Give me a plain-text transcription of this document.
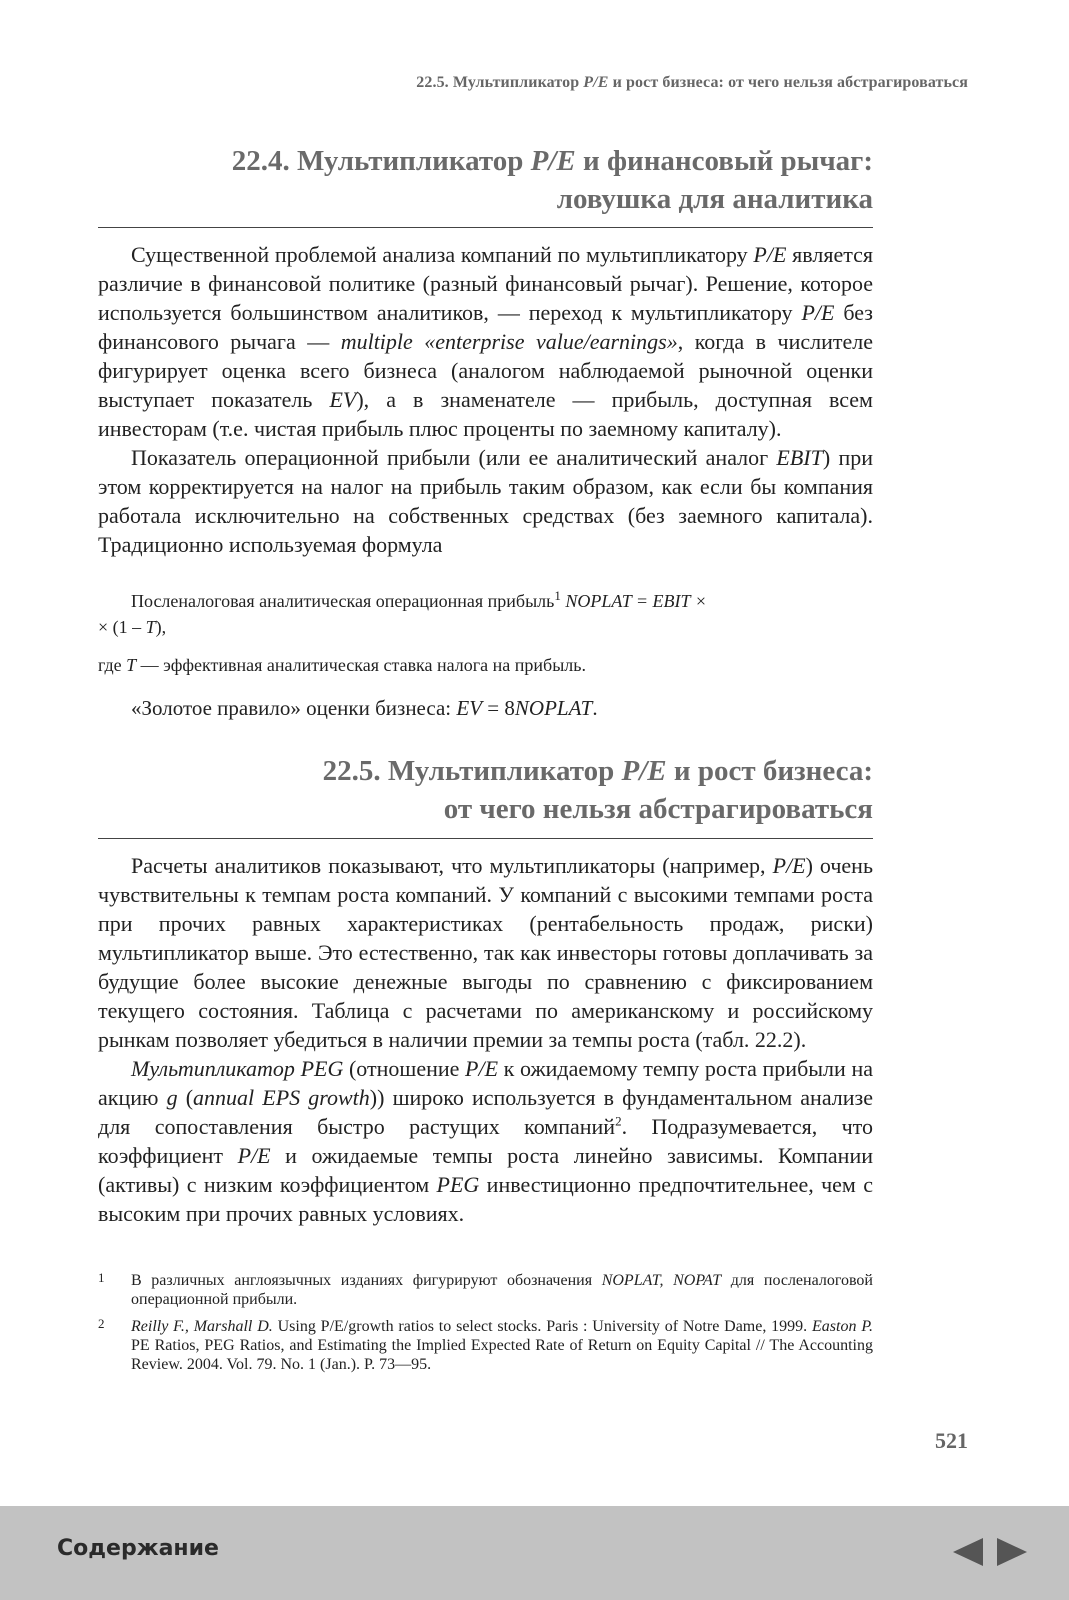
22.5. Мультипликатор P/E и рост бизнеса: от чего нельзя абстрагироваться
22.4. Мультипликатор P/E и финансовый рычаг:
ловушка для аналитика

Существенной проблемой анализа компаний по мультипликатору P/E является различие в финансовой политике (разный финансовый рычаг). Решение, которое используется большинством аналитиков, — переход к мультипликатору P/E без финансового рычага — multiple «enterprise value/earnings», когда в числителе фигурирует оценка всего бизнеса (аналогом наблюдаемой рыночной оценки выступает показатель EV), а в знаменателе — прибыль, доступная всем инвесторам (т.е. чистая прибыль плюс проценты по заемному капиталу).

Показатель операционной прибыли (или ее аналитический аналог EBIT) при этом корректируется на налог на прибыль таким образом, как если бы компания работала исключительно на собственных средствах (без заемного капитала). Традиционно используемая формула

Посленалоговая аналитическая операционная прибыль$^1$ NOPLAT = EBIT ×

× (1 – T),

где T — эффективная аналитическая ставка налога на прибыль.

«Золотое правило» оценки бизнеса: EV = 8NOPLAT.

22.5. Мультипликатор P/E и рост бизнеса:
от чего нельзя абстрагироваться

Расчеты аналитиков показывают, что мультипликаторы (например, P/E) очень чувствительны к темпам роста компаний. У компаний с высокими темпами роста при прочих равных характеристиках (рентабельность продаж, риски) мультипликатор выше. Это естественно, так как инвесторы готовы доплачивать за будущие более высокие денежные выгоды по сравнению с фиксированием текущего состояния. Таблица с расчетами по американскому и российскому рынкам позволяет убедиться в наличии премии за темпы роста (табл. 22.2).

Мультипликатор PEG (отношение P/E к ожидаемому темпу роста прибыли на акцию g (annual EPS growth)) широко используется в фундаментальном анализе для сопоставления быстро растущих компаний$^2$. Подразумевается, что коэффициент P/E и ожидаемые темпы роста линейно зависимы. Компании (активы) с низким коэффициентом PEG инвестиционно предпочтительнее, чем с высоким при прочих равных условиях.

1	В различных англоязычных изданиях фигурируют обозначения NOPLAT, NOPAT для посленалоговой операционной прибыли.
2	Reilly F., Marshall D. Using P/E/growth ratios to select stocks. Paris : University of Notre Dame, 1999. Easton P. PE Ratios, PEG Ratios, and Estimating the Implied Expected Rate of Return on Equity Capital // The Accounting Review. 2004. Vol. 79. No. 1 (Jan.). P. 73—95.
521
Содержание
